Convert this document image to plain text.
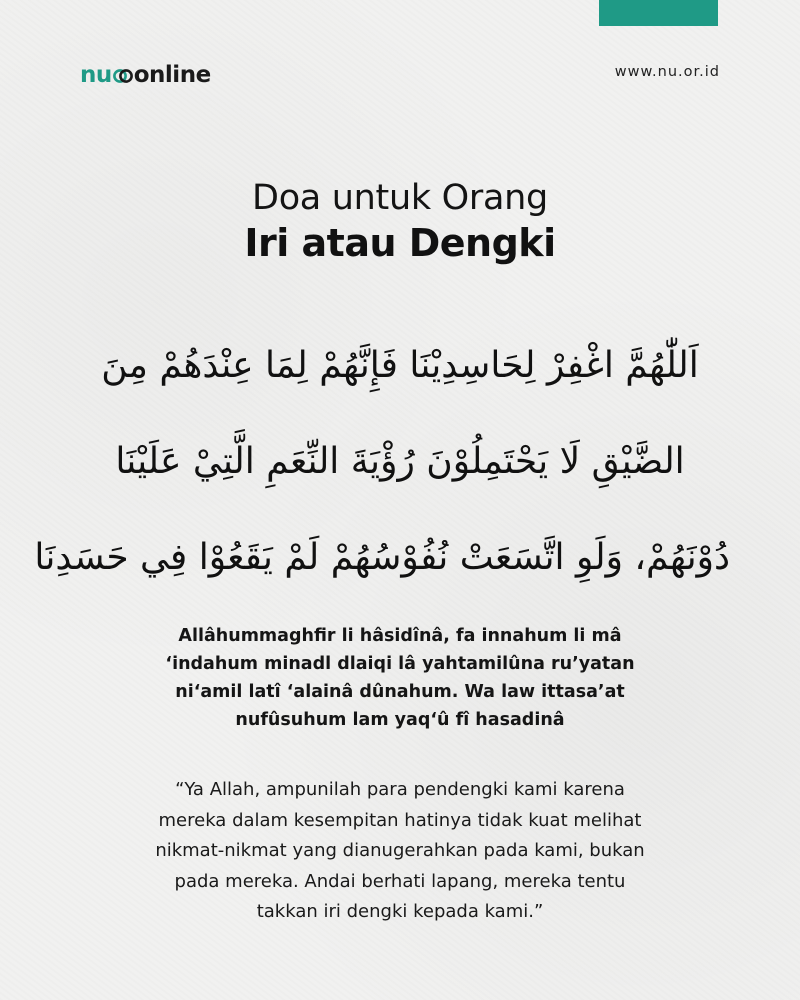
nu online	www.nu.or.id
Doa untuk Orang
Iri atau Dengki
اَللّٰهُمَّ اغْفِرْ لِحَاسِدِيْنَا فَإِنَّهُمْ لِمَا عِنْدَهُمْ مِنَ
الضَّيْقِ لَا يَحْتَمِلُوْنَ رُؤْيَةَ النِّعَمِ الَّتِيْ عَلَيْنَا
دُوْنَهُمْ، وَلَوِ اتَّسَعَتْ نُفُوْسُهُمْ لَمْ يَقَعُوْا فِي حَسَدِنَا
Allâhummaghfir li hâsidînâ, fa innahum li mâ
‘indahum minadl dlaiqi lâ yahtamilûna ru’yatan
ni‘amil latî ‘alainâ dûnahum. Wa law ittasa’at
nufûsuhum lam yaq‘û fî hasadinâ
“Ya Allah, ampunilah para pendengki kami karena
mereka dalam kesempitan hatinya tidak kuat melihat
nikmat-nikmat yang dianugerahkan pada kami, bukan
pada mereka. Andai berhati lapang, mereka tentu
takkan iri dengki kepada kami.”
